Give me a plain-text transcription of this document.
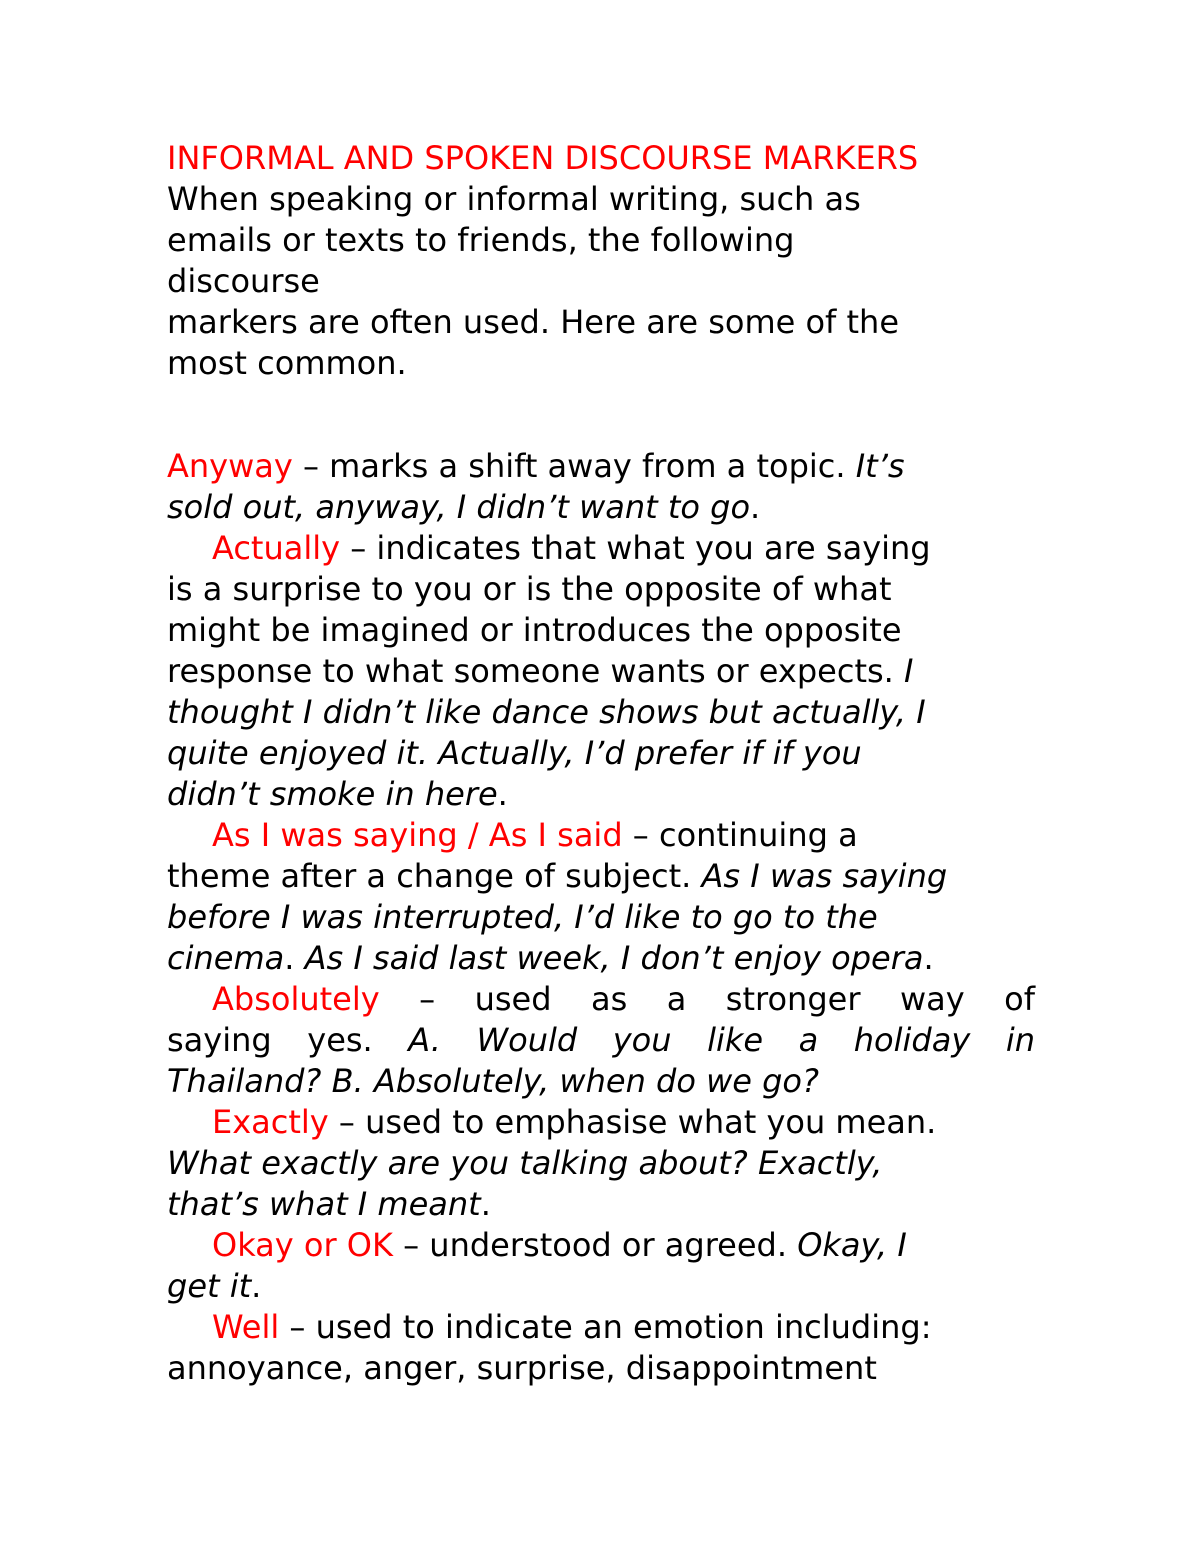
INFORMAL AND SPOKEN DISCOURSE MARKERS
When speaking or informal writing, such as
emails or texts to friends, the following
discourse
markers are often used. Here are some of the
most common.
Anyway – marks a shift away from a topic. It’s
sold out, anyway, I didn’t want to go.
Actually – indicates that what you are saying
is a surprise to you or is the opposite of what
might be imagined or introduces the opposite
response to what someone wants or expects. I
thought I didn’t like dance shows but actually, I
quite enjoyed it. Actually, I’d prefer if if you
didn’t smoke in here.
As I was saying / As I said – continuing a
theme after a change of subject. As I was saying
before I was interrupted, I’d like to go to the
cinema. As I said last week, I don’t enjoy opera.
Absolutely – used as a stronger way of
saying yes. A. Would you like a holiday in
Thailand? B. Absolutely, when do we go?
Exactly – used to emphasise what you mean.
What exactly are you talking about? Exactly,
that’s what I meant.
Okay or OK – understood or agreed. Okay, I
get it.
Well – used to indicate an emotion including:
annoyance, anger, surprise, disappointment
